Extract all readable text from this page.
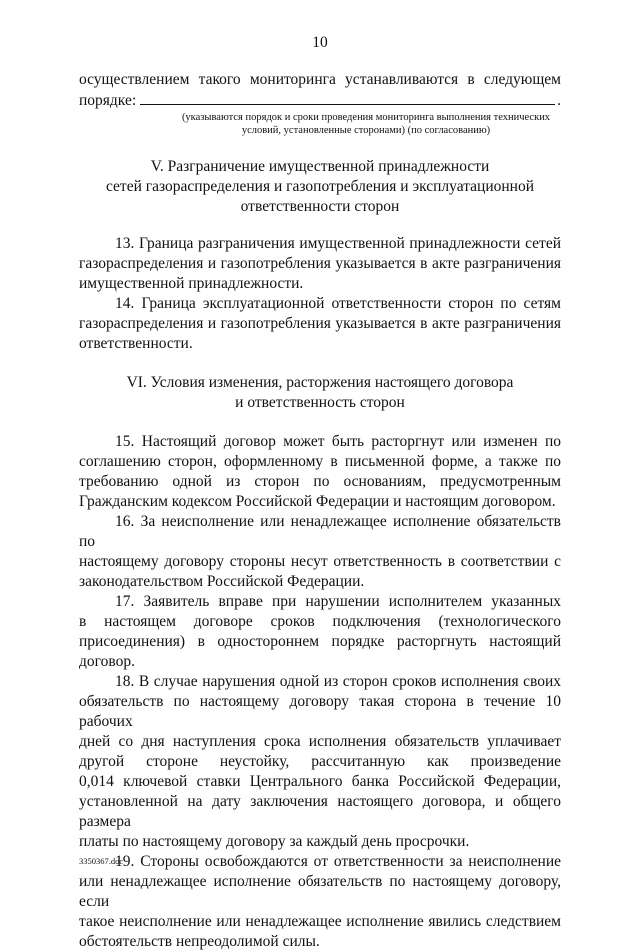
10

осуществлением такого мониторинга устанавливаются в следующем

порядке:	.
(указываются порядок и сроки проведения мониторинга выполнения технических
условий, установленные сторонами) (по согласованию)

V. Разграничение имущественной принадлежности

сетей газораспределения и газопотребления и эксплуатационной

ответственности сторон

13. Граница разграничения имущественной принадлежности сетей

газораспределения и газопотребления указывается в акте разграничения

имущественной принадлежности.

14. Граница эксплуатационной ответственности сторон по сетям

газораспределения и газопотребления указывается в акте разграничения

ответственности.

VI. Условия изменения, расторжения настоящего договора

и ответственность сторон

15. Настоящий договор может быть расторгнут или изменен по

соглашению сторон, оформленному в письменной форме, а также по

требованию одной из сторон по основаниям, предусмотренным

Гражданским кодексом Российской Федерации и настоящим договором.

16. За неисполнение или ненадлежащее исполнение обязательств по

настоящему договору стороны несут ответственность в соответствии с

законодательством Российской Федерации.

17. Заявитель вправе при нарушении исполнителем указанных

в настоящем договоре сроков подключения (технологического

присоединения) в одностороннем порядке расторгнуть настоящий договор.

18. В случае нарушения одной из сторон сроков исполнения своих

обязательств по настоящему договору такая сторона в течение 10 рабочих

дней со дня наступления срока исполнения обязательств уплачивает

другой стороне неустойку, рассчитанную как произведение

0,014 ключевой ставки Центрального банка Российской Федерации,

установленной на дату заключения настоящего договора, и общего размера

платы по настоящему договору за каждый день просрочки.

19. Стороны освобождаются от ответственности за неисполнение

или ненадлежащее исполнение обязательств по настоящему договору, если

такое неисполнение или ненадлежащее исполнение явились следствием

обстоятельств непреодолимой силы.

3350367.doc
